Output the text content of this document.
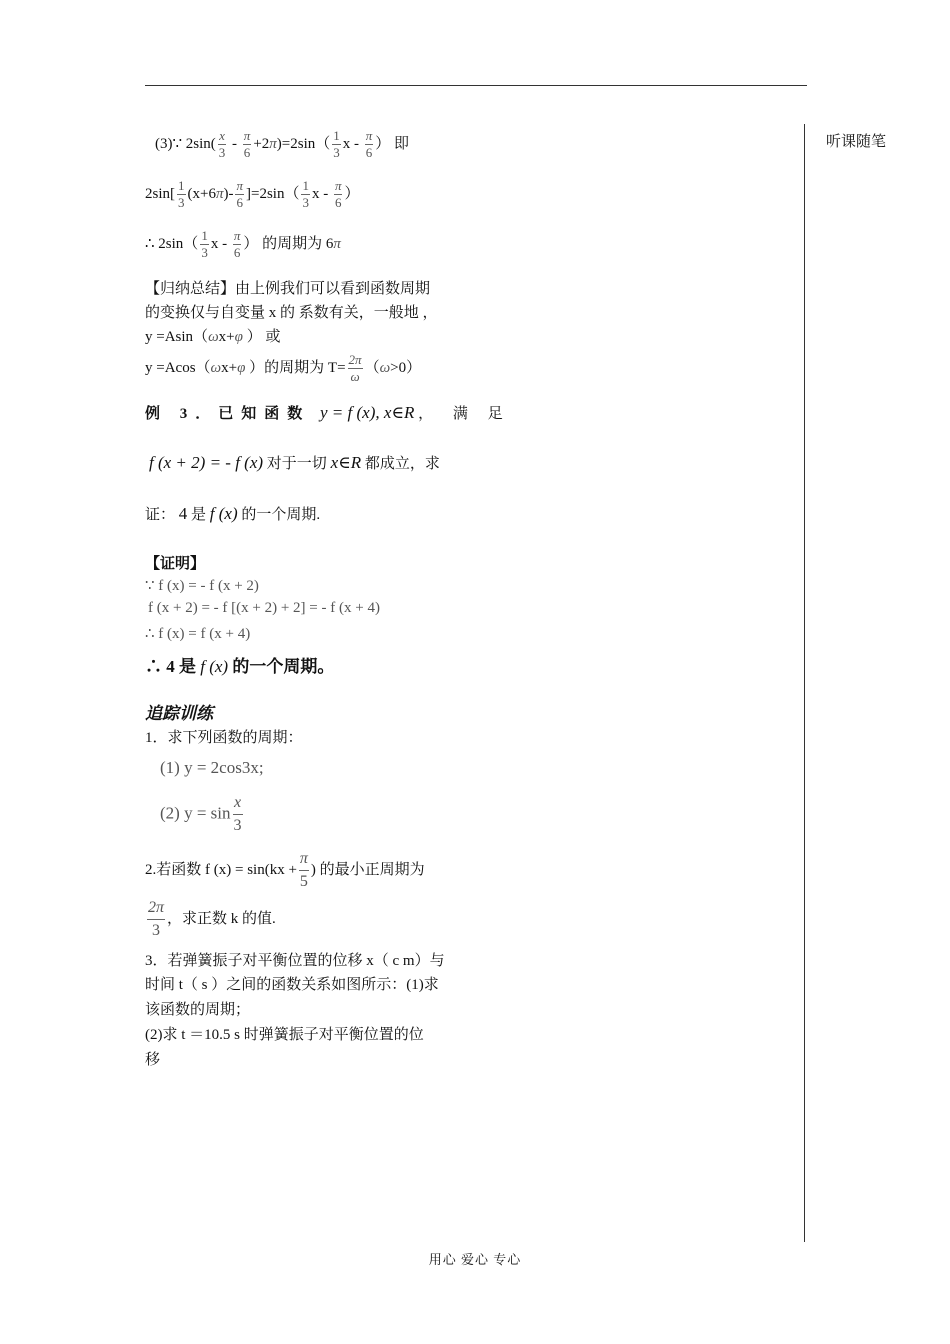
听课随笔
(3)∵ $2\sin( \frac{x}{3} - \frac{\pi}{6} +2\pi)=2\sin( \frac{1}{3}$ x - $\frac{\pi}{6}$ ） 即
$2\sin[ \frac{1}{3} (x+6\pi)- \frac{\pi}{6} ]=2\sin( \frac{1}{3}$ x - $\frac{\pi}{6}$ ）
∴ $2\sin( \frac{1}{3}$ x - $\frac{\pi}{6}$ ） 的周期为 6π
【归纳总结】由上例我们可以看到函数周期
的变换仅与自变量 x 的 系数有关，一般地 ，
y =Asin（ωx+φ ） 或
y =Acos（ωx+φ ）的周期为 $T= \frac{2\pi}{\omega} (\omega>0)$
例 3．已知函数 y = f (x), x∈R ， 满 足
f (x + 2) = - f (x) 对于一切 x∈R 都成立，求
证： 4 是 f (x) 的一个周期.
【证明】
∵ f (x) = - f (x + 2)
f (x + 2) = - f [(x + 2) + 2] = - f (x + 4)
∴ f (x) = f (x + 4)
∴ 4 是 f (x) 的一个周期。
追踪训练
1．求下列函数的周期：
(1) y = 2cos3x;
(2) $y = \sin \frac{x}{3}$
2.若函数 f $(x) = \sin(kx + \frac{\pi}{5}$ ) 的最小正周期为
$\frac{2\pi}{3}$ ，求正数 k 的值.
3．若弹簧振子对平衡位置的位移 x（ c m）与
时间 t（ s ）之间的函数关系如图所示：(1)求
该函数的周期；
(2)求 t ＝10.5 s 时弹簧振子对平衡位置的位
移
用心 爱心 专心
